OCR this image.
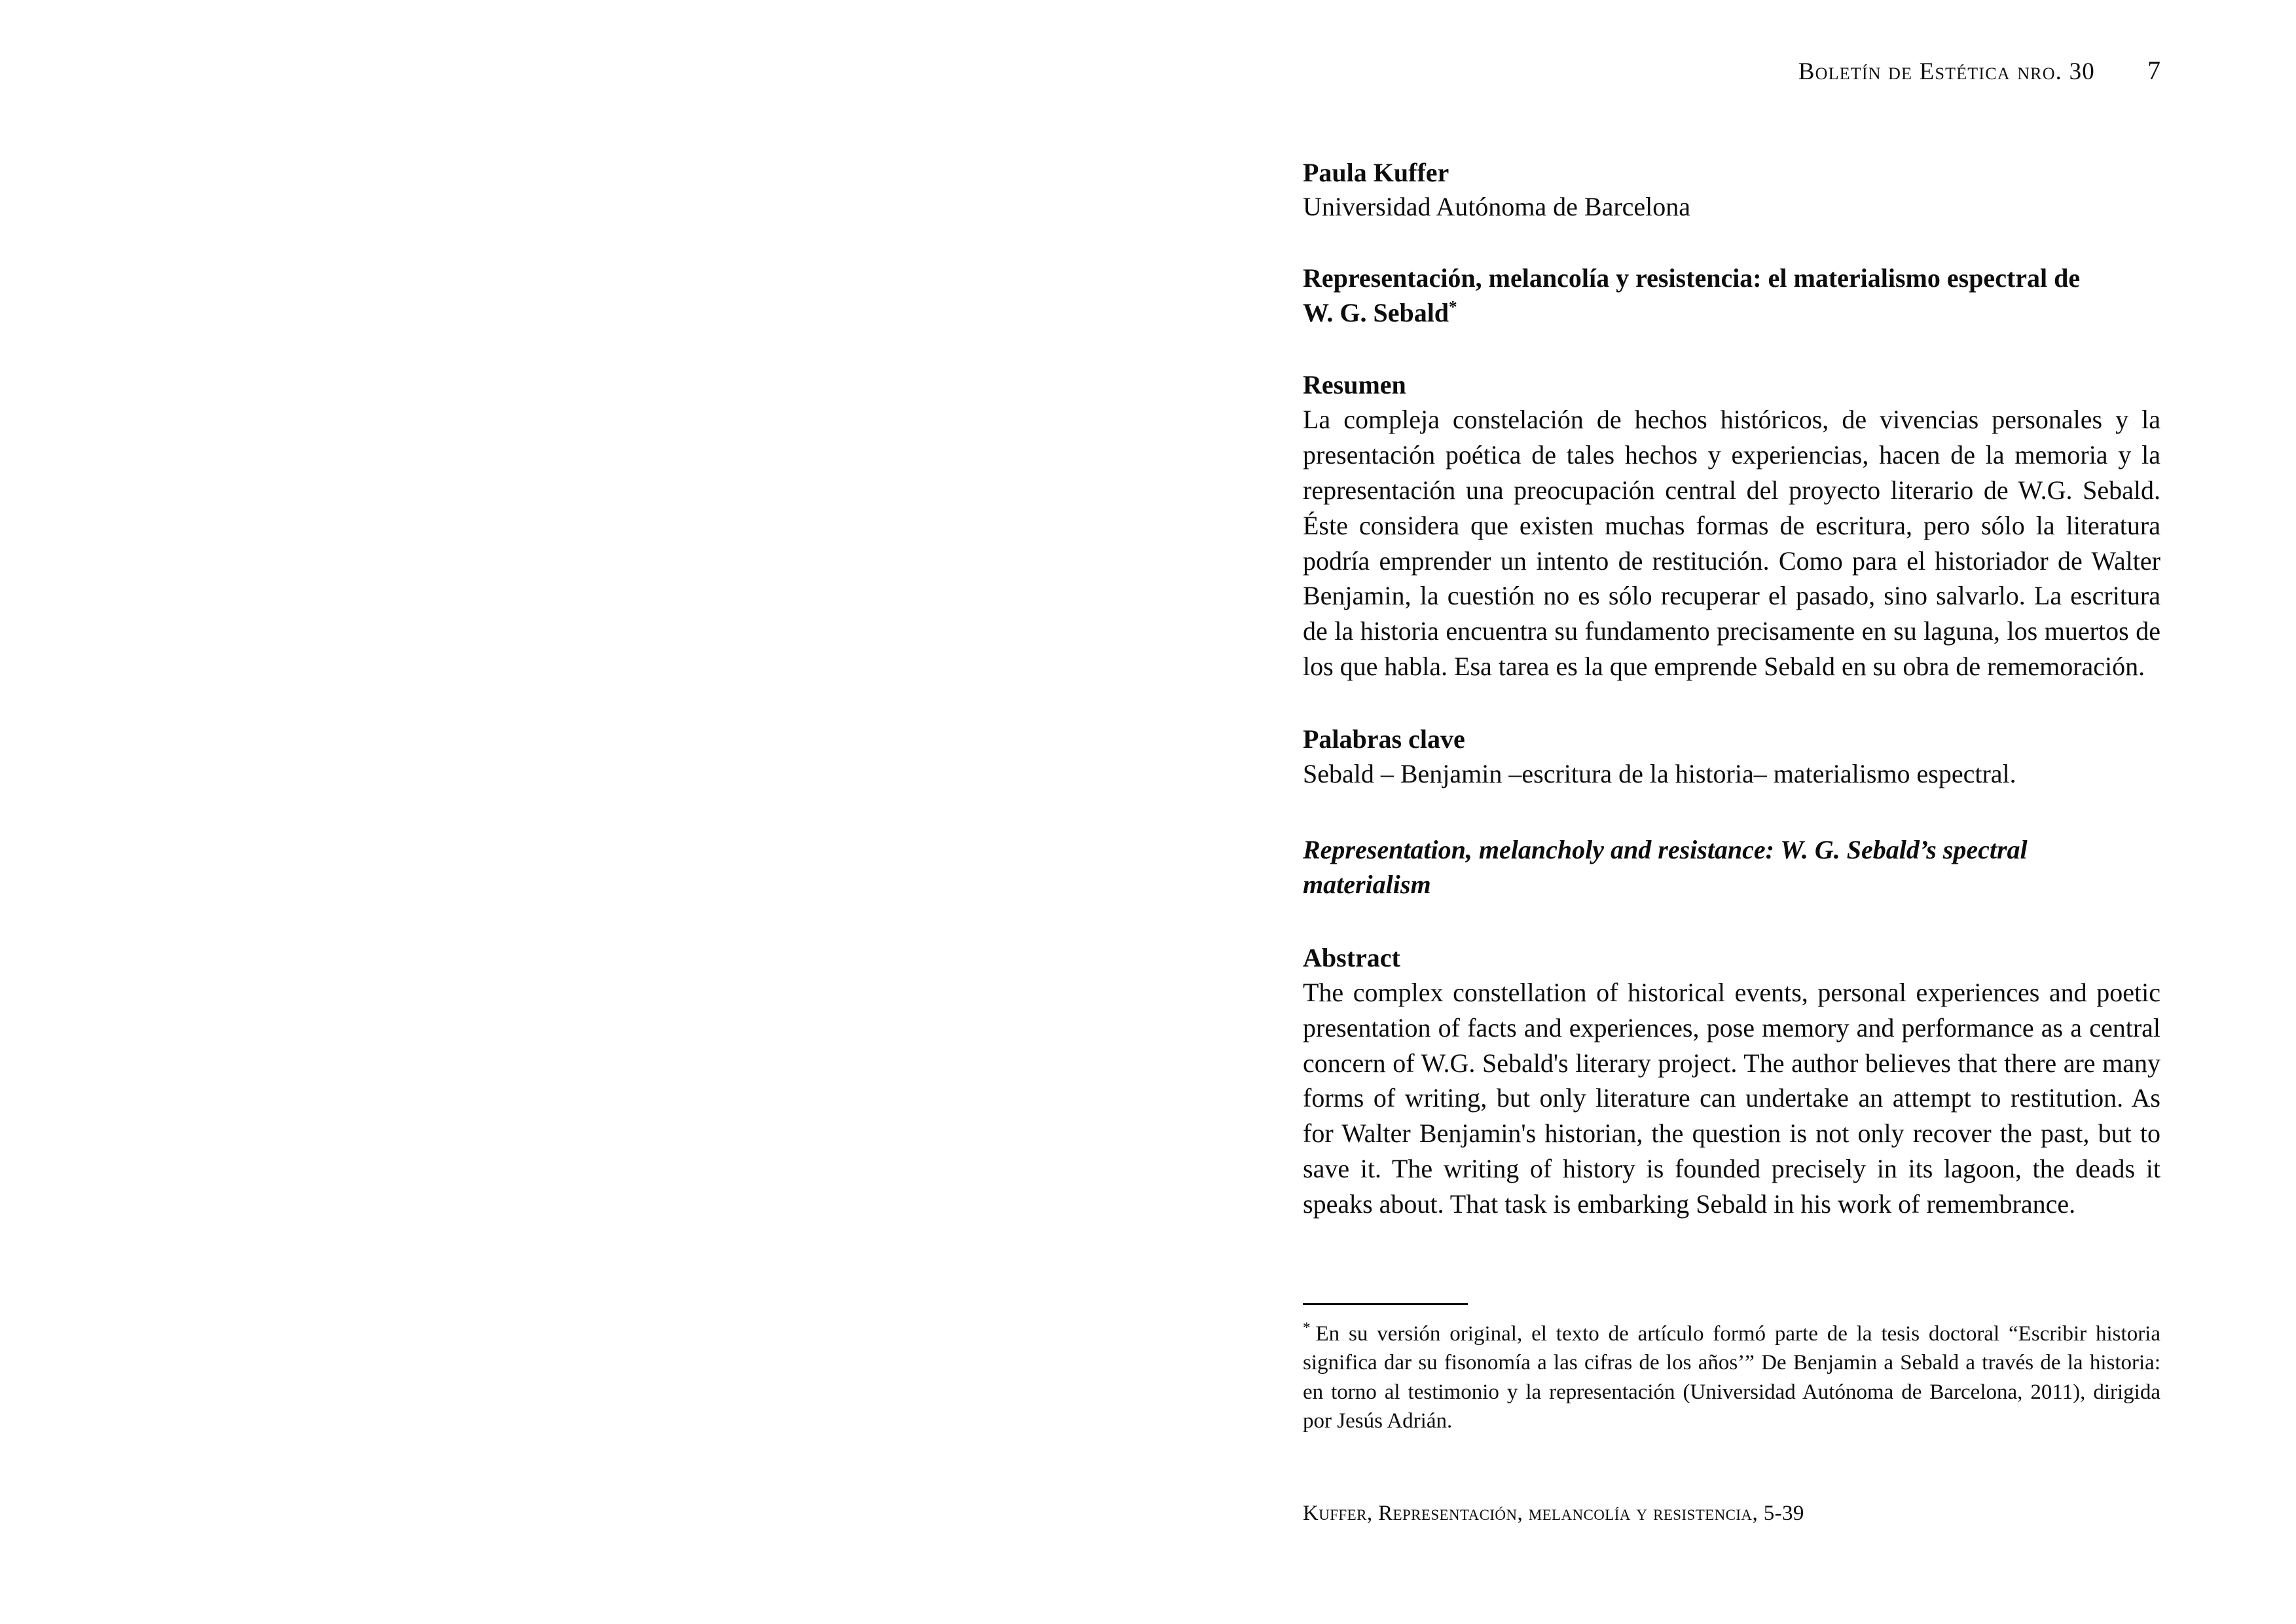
Boletín de Estética nro. 30 7

Paula Kuffer

Universidad Autónoma de Barcelona

Representación, melancolía y resistencia: el materialismo espectral de
W. G. Sebald*
Resumen

La compleja constelación de hechos históricos, de vivencias personales y la presentación poética de tales hechos y experiencias, hacen de la memoria y la representación una preocupación central del proyecto literario de W.G. Sebald. Éste considera que existen muchas formas de escritura, pero sólo la literatura podría emprender un intento de restitución. Como para el historiador de Walter Benjamin, la cuestión no es sólo recuperar el pasado, sino salvarlo. La escritura de la historia encuentra su fundamento precisamente en su laguna, los muertos de los que habla. Esa tarea es la que emprende Sebald en su obra de rememoración.

Palabras clave

Sebald – Benjamin –escritura de la historia– materialismo espectral.

Representation, melancholy and resistance: W. G. Sebald’s spectral materialism
Abstract

The complex constellation of historical events, personal experiences and poetic presentation of facts and experiences, pose memory and performance as a central concern of W.G. Sebald's literary project. The author believes that there are many forms of writing, but only literature can undertake an attempt to restitution. As for Walter Benjamin's historian, the question is not only recover the past, but to save it. The writing of history is founded precisely in its lagoon, the deads it speaks about. That task is embarking Sebald in his work of remembrance.

* En su versión original, el texto de artículo formó parte de la tesis doctoral “Escribir historia significa dar su fisonomía a las cifras de los años’” De Benjamin a Sebald a través de la historia: en torno al testimonio y la representación (Universidad Autónoma de Barcelona, 2011), dirigida por Jesús Adrián.

Kuffer, Representación, melancolía y resistencia, 5-39
